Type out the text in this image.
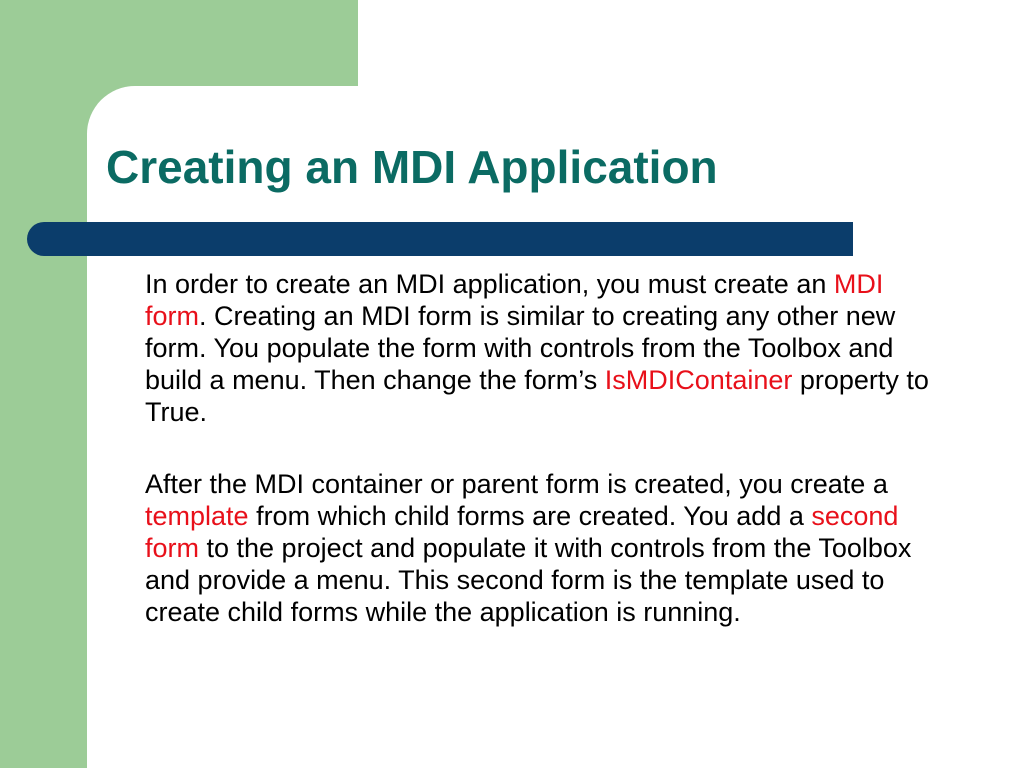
Creating an MDI Application

In order to create an MDI application, you must create an MDI form. Creating an MDI form is similar to creating any other new form. You populate the form with controls from the Toolbox and build a menu. Then change the form’s IsMDIContainer property to True.

After the MDI container or parent form is created, you create a template from which child forms are created. You add a second form to the project and populate it with controls from the Toolbox and provide a menu. This second form is the template used to create child forms while the application is running.
